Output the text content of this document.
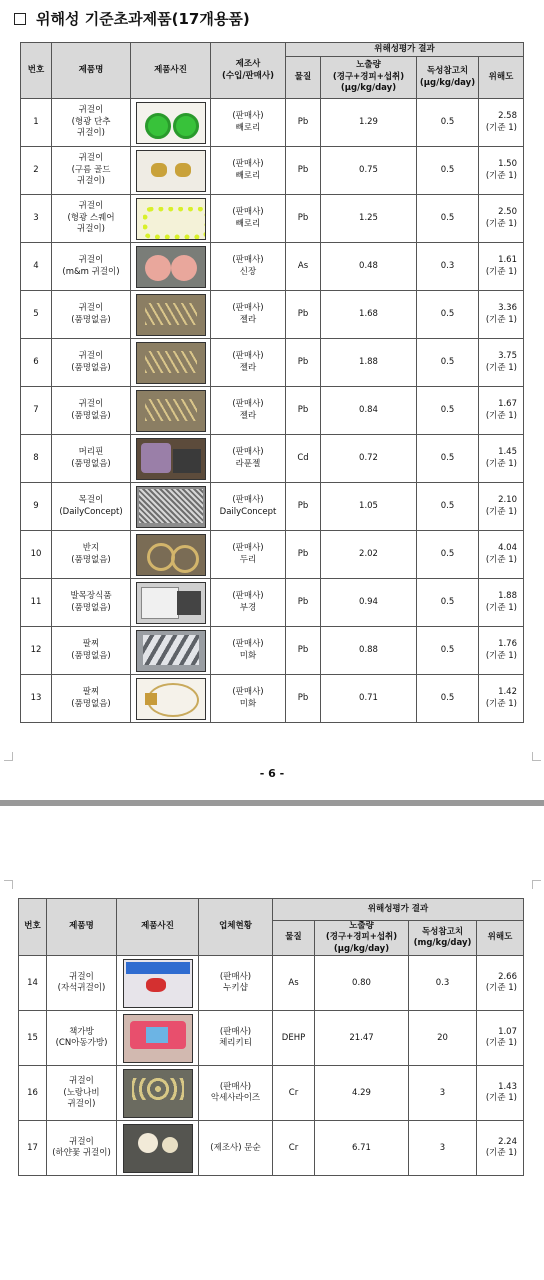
위해성 기준초과제품(17개용품)
번호	제품명	제품사진	제조사
(수입/판매사)	위해성평가 결과			
				물질	노출량
(경구+경피+섭취)
(μg/kg/day)	독성참고치
(μg/kg/day)	위해도
1	귀걸이
(형광 단추
귀걸이)		(판매사)
빼로리	Pb	1.29	0.5	2.58
(기준 1)
2	귀걸이
(구름 골드
귀걸이)		(판매사)
빼로리	Pb	0.75	0.5	1.50
(기준 1)
3	귀걸이
(형광 스퀘어
귀걸이)		(판매사)
빼로리	Pb	1.25	0.5	2.50
(기준 1)
4	귀걸이
(m&m 귀걸이)		(판매사)
신장	As	0.48	0.3	1.61
(기준 1)
5	귀걸이
(품명없음)		(판매사)
젤라	Pb	1.68	0.5	3.36
(기준 1)
6	귀걸이
(품명없음)		(판매사)
젤라	Pb	1.88	0.5	3.75
(기준 1)
7	귀걸이
(품명없음)		(판매사)
젤라	Pb	0.84	0.5	1.67
(기준 1)
8	머리핀
(품명없음)		(판매사)
라푼젤	Cd	0.72	0.5	1.45
(기준 1)
9	목걸이
(DailyConcept)		(판매사)
DailyConcept	Pb	1.05	0.5	2.10
(기준 1)
10	반지
(품명없음)		(판매사)
두리	Pb	2.02	0.5	4.04
(기준 1)
11	발목장식품
(품명없음)		(판매사)
부경	Pb	0.94	0.5	1.88
(기준 1)
12	팔찌
(품명없음)		(판매사)
미화	Pb	0.88	0.5	1.76
(기준 1)
13	팔찌
(품명없음)		(판매사)
미화	Pb	0.71	0.5	1.42
(기준 1)
- 6 -
번호	제품명	제품사진	업체현황	위해성평가 결과			
				물질	노출량
(경구+경피+섭취)
(μg/kg/day)	독성참고치
(mg/kg/day)	위해도
14	귀걸이
(자석귀걸이)		(판매사)
누키샵	As	0.80	0.3	2.66
(기준 1)
15	책가방
(CN아동가방)		(판매사)
체리키티	DEHP	21.47	20	1.07
(기준 1)
16	귀걸이
(노랑나비
귀걸이)		(판매사)
악세사라이즈	Cr	4.29	3	1.43
(기준 1)
17	귀걸이
(하얀꽃 귀걸이)		(제조사) 문순	Cr	6.71	3	2.24
(기준 1)
